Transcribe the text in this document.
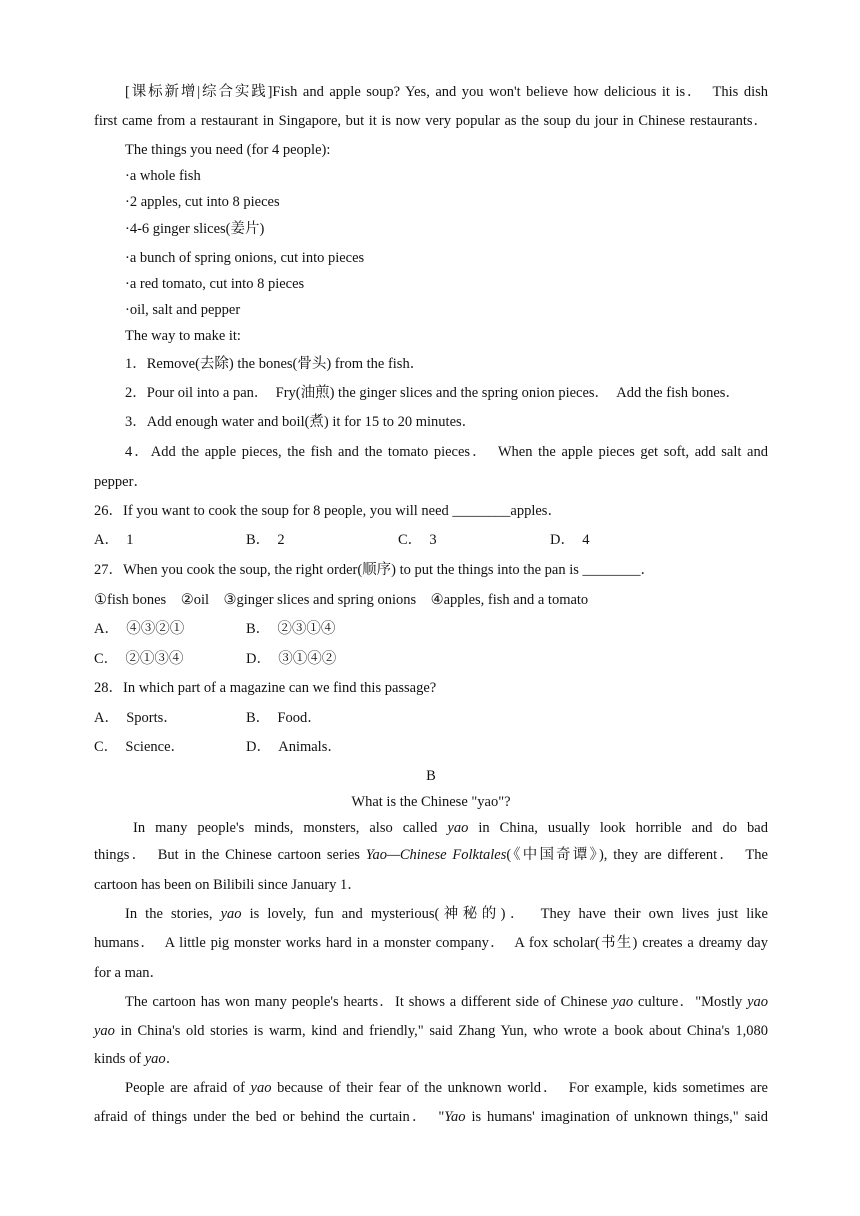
[课标新增|综合实践]Fish and apple soup? Yes, and you won't believe how delicious it is．　This dish
first came from a restaurant in Singapore, but it is now very popular as the soup du jour in Chinese restaurants．
The things you need (for 4 people):
·a whole fish
·2 apples, cut into 8 pieces
·4-6 ginger slices(姜片)
·a bunch of spring onions, cut into pieces
·a red tomato, cut into 8 pieces
·oil, salt and pepper
The way to make it:
1．Remove(去除) the bones(骨头) from the fish．
2．Pour oil into a pan．　Fry(油煎) the ginger slices and the spring onion pieces．　Add the fish bones．
3．Add enough water and boil(煮) it for 15 to 20 minutes．
4．Add the apple pieces, the fish and the tomato pieces．　When the apple pieces get soft, add salt and
pepper．
26．If you want to cook the soup for 8 people, you will need ________apples．
A．　1	B．　2	C．　3	D．　4
27．When you cook the soup, the right order(顺序) to put the things into the pan is ________．
①fish bones　②oil　③ginger slices and spring onions　④apples, fish and a tomato
A．　④③②①	B．　②③①④
C．　②①③④	D．　③①④②
28．In which part of a magazine can we find this passage?
A．　Sports．	B．　Food．
C．　Science．	D．　Animals．
B
What is the Chinese "yao"?
In many people's minds, monsters, also called yao in China, usually look horrible and do bad
things．　But in the Chinese cartoon series Yao—Chinese Folktales(《中国奇谭》), they are different．　The
cartoon has been on Bilibili since January 1．
In the stories, yao is lovely, fun and mysterious(神秘的)．　They have their own lives just like
humans．　A little pig monster works hard in a monster company．　A fox scholar(书生) creates a dreamy day
for a man．
The cartoon has won many people's hearts．It shows a different side of Chinese yao culture．"Mostly yao
yao in China's old stories is warm, kind and friendly," said Zhang Yun, who wrote a book about China's 1,080
kinds of yao．
People are afraid of yao because of their fear of the unknown world．　For example, kids sometimes are
afraid of things under the bed or behind the curtain．　"Yao is humans' imagination of unknown things," said
